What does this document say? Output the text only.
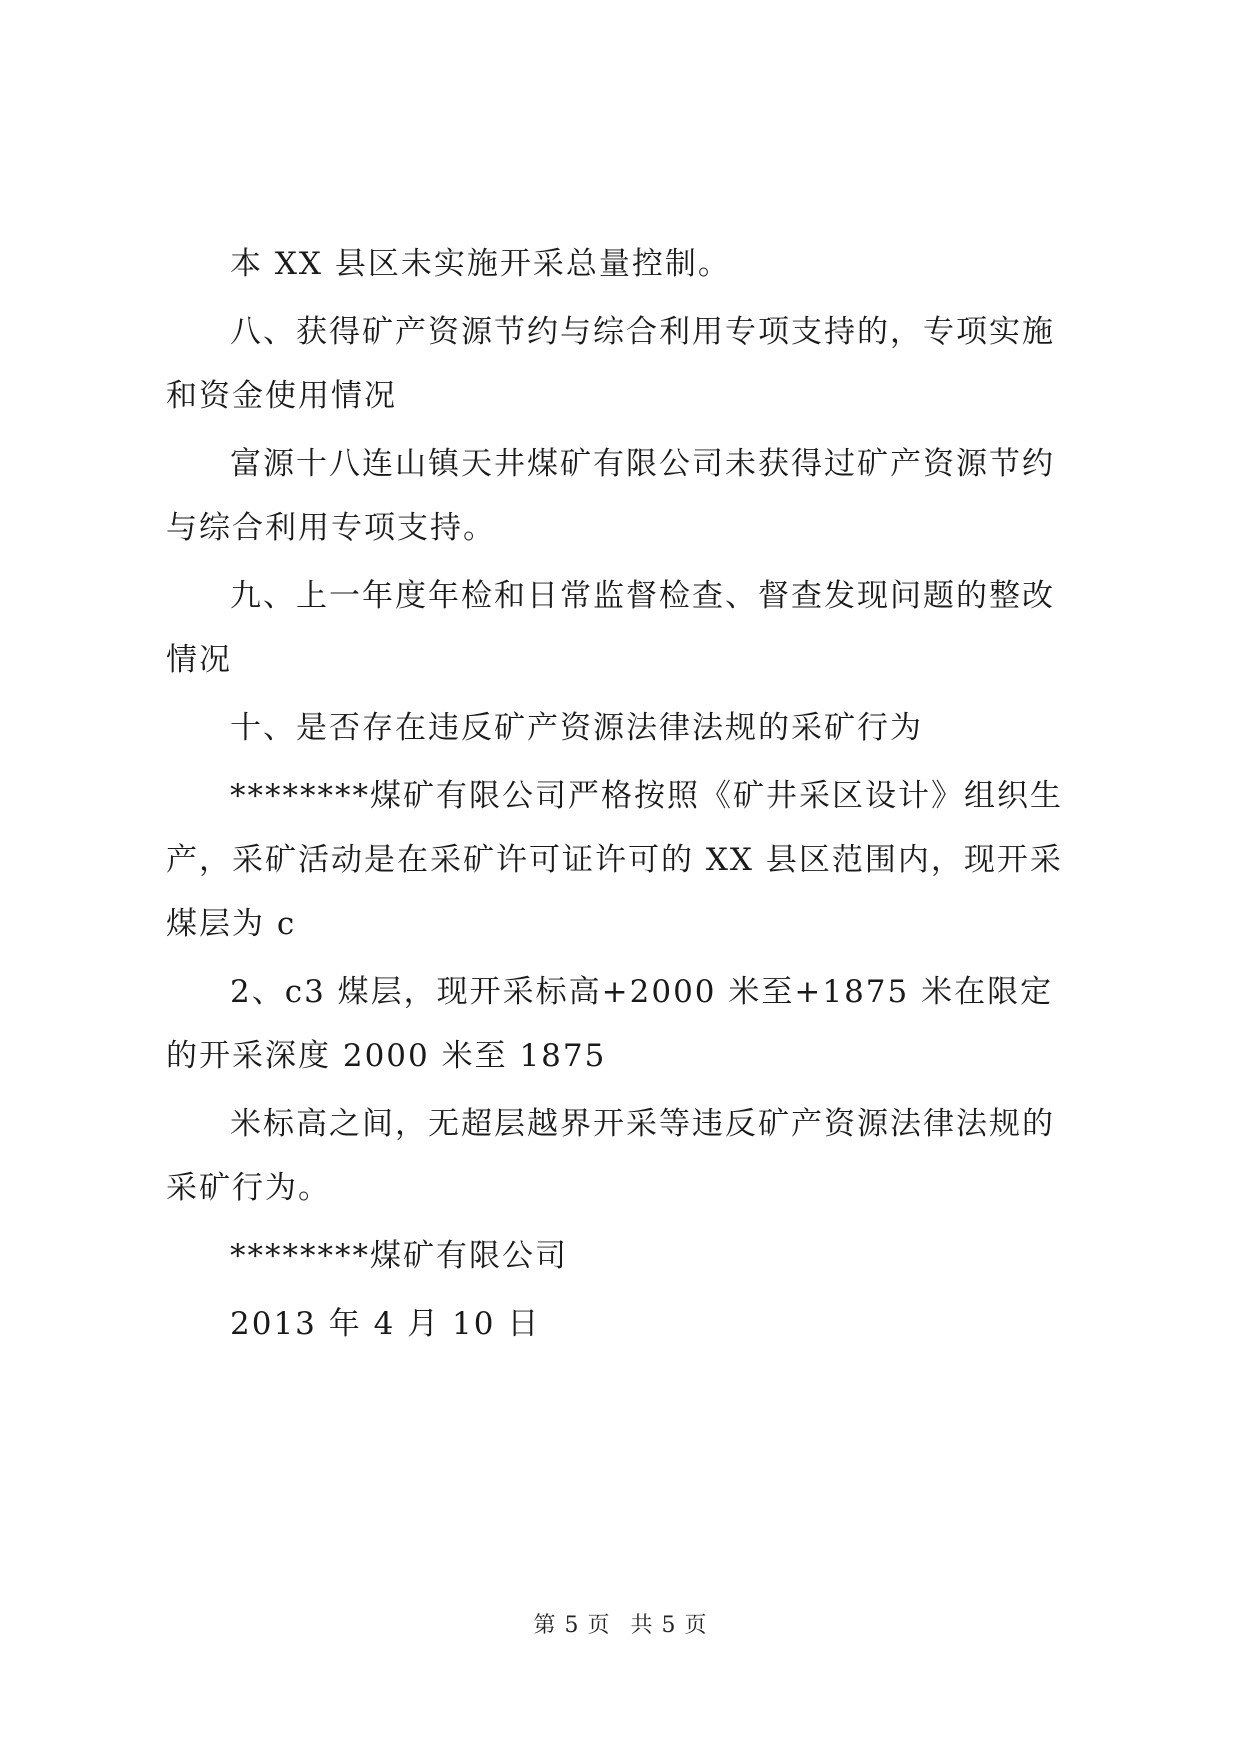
本 XX 县区未实施开采总量控制。

八、获得矿产资源节约与综合利用专项支持的，专项实施和资金使用情况

富源十八连山镇天井煤矿有限公司未获得过矿产资源节约与综合利用专项支持。

九、上一年度年检和日常监督检查、督查发现问题的整改情况

十、是否存在违反矿产资源法律法规的采矿行为

********煤矿有限公司严格按照《矿井采区设计》组织生产，采矿活动是在采矿许可证许可的 XX 县区范围内，现开采煤层为 c

2、c3 煤层，现开采标高+2000 米至+1875 米在限定的开采深度 2000 米至 1875

米标高之间，无超层越界开采等违反矿产资源法律法规的采矿行为。

********煤矿有限公司

2013 年 4 月 10 日

第 5 页 共 5 页
